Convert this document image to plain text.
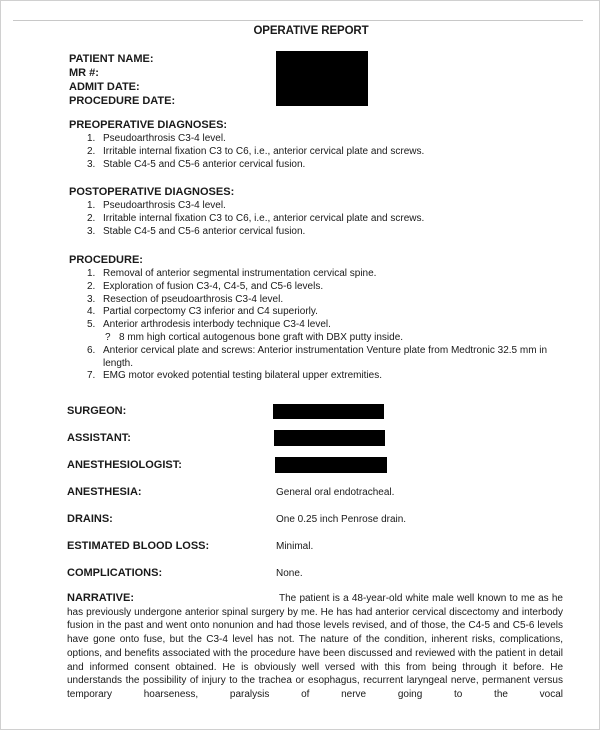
OPERATIVE REPORT
PATIENT NAME:
MR #:
ADMIT DATE:
PROCEDURE DATE:
PREOPERATIVE DIAGNOSES:
1. Pseudoarthrosis C3-4 level.
2. Irritable internal fixation C3 to C6, i.e., anterior cervical plate and screws.
3. Stable C4-5 and C5-6 anterior cervical fusion.
POSTOPERATIVE DIAGNOSES:
1. Pseudoarthrosis C3-4 level.
2. Irritable internal fixation C3 to C6, i.e., anterior cervical plate and screws.
3. Stable C4-5 and C5-6 anterior cervical fusion.
PROCEDURE:
1. Removal of anterior segmental instrumentation cervical spine.
2. Exploration of fusion C3-4, C4-5, and C5-6 levels.
3. Resection of pseudoarthrosis C3-4 level.
4. Partial corpectomy C3 inferior and C4 superiorly.
5. Anterior arthrodesis interbody technique C3-4 level.
? 8 mm high cortical autogenous bone graft with DBX putty inside.
6. Anterior cervical plate and screws: Anterior instrumentation Venture plate from Medtronic 32.5 mm in length.
7. EMG motor evoked potential testing bilateral upper extremities.
SURGEON:
ASSISTANT:
ANESTHESIOLOGIST:
ANESTHESIA:	General oral endotracheal.
DRAINS:	One 0.25 inch Penrose drain.
ESTIMATED BLOOD LOSS:	Minimal.
COMPLICATIONS:	None.
NARRATIVE:	The patient is a 48-year-old white male well known to me as he has previously undergone anterior spinal surgery by me. He has had anterior cervical discectomy and interbody fusion in the past and went onto nonunion and had those levels revised, and of those, the C4-5 and C5-6 levels have gone onto fuse, but the C3-4 level has not. The nature of the condition, inherent risks, complications, options, and benefits associated with the procedure have been discussed and reviewed with the patient in detail and informed consent obtained. He is obviously well versed with this from being through it before. He understands the possibility of injury to the trachea or esophagus, recurrent laryngeal nerve, permanent versus temporary hoarseness, paralysis of nerve going to the vocal
